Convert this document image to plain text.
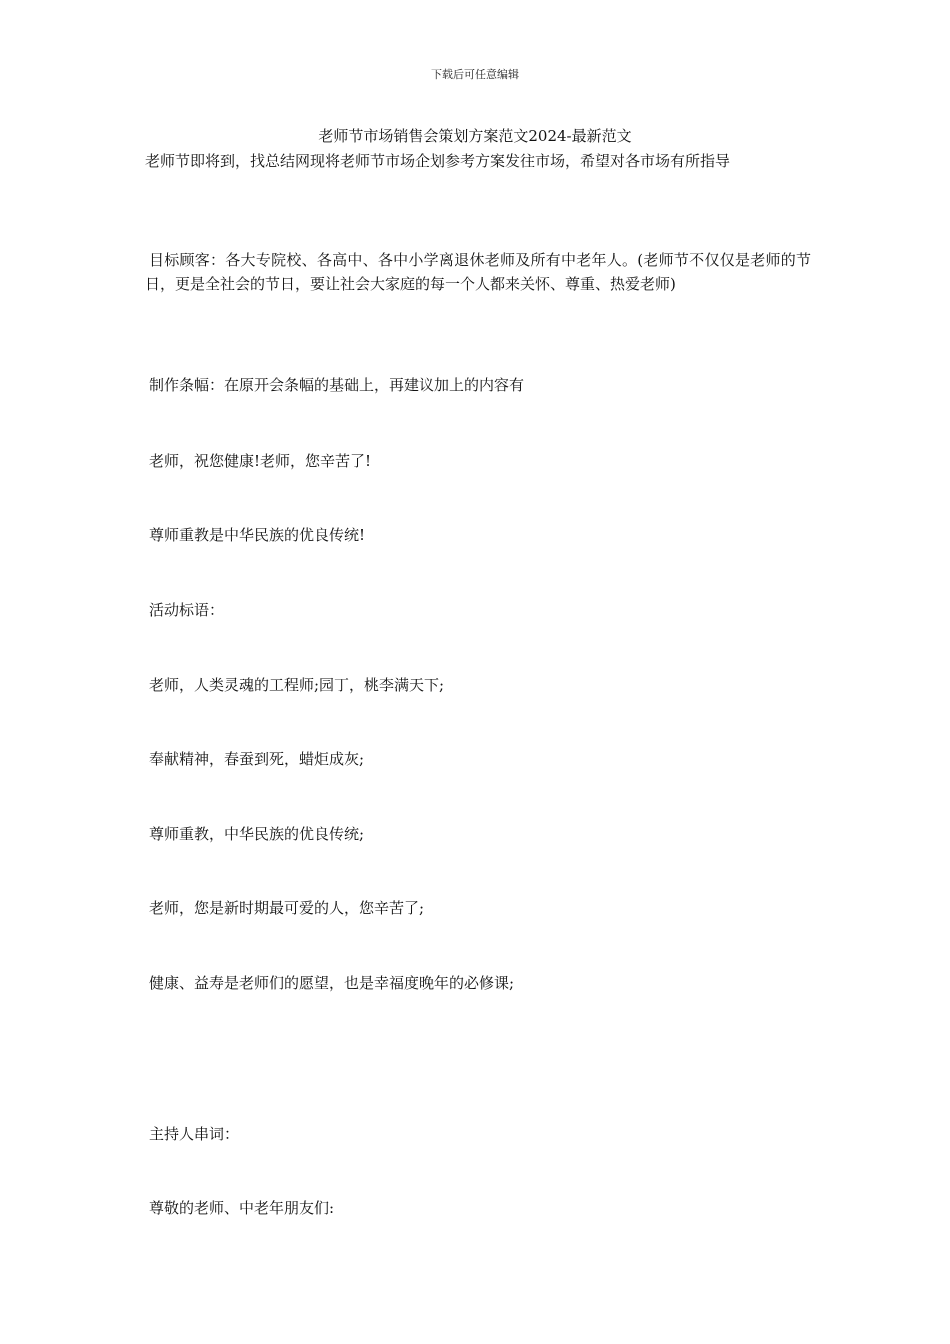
下载后可任意编辑
老师节市场销售会策划方案范文2024-最新范文
老师节即将到，找总结网现将老师节市场企划参考方案发往市场，希望对各市场有所指导

目标顾客：各大专院校、各高中、各中小学离退休老师及所有中老年人。(老师节不仅仅是老师的节日，更是全社会的节日，要让社会大家庭的每一个人都来关怀、尊重、热爱老师)

制作条幅：在原开会条幅的基础上，再建议加上的内容有

老师，祝您健康!老师，您辛苦了!

尊师重教是中华民族的优良传统!

活动标语：

老师，人类灵魂的工程师;园丁，桃李满天下;

奉献精神，春蚕到死，蜡炬成灰;

尊师重教，中华民族的优良传统;

老师，您是新时期最可爱的人，您辛苦了;

健康、益寿是老师们的愿望，也是幸福度晚年的必修课;

主持人串词：

尊敬的老师、中老年朋友们:
